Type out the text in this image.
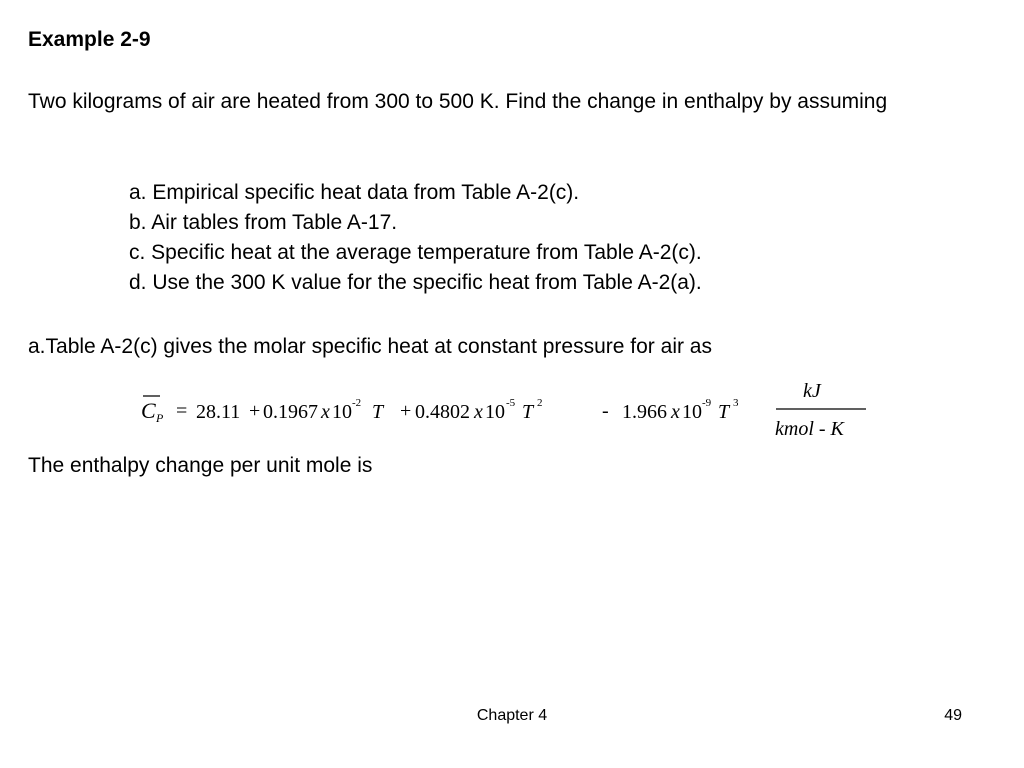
Example 2-9
Two kilograms of air are heated from 300 to 500 K. Find the change in enthalpy by assuming
a. Empirical specific heat data from Table A-2(c).
b. Air tables from Table A-17.
c. Specific heat at the average temperature from Table A-2(c).
d. Use the 300 K value for the specific heat from Table A-2(a).
a.Table A-2(c) gives the molar specific heat at constant pressure for air as
C P = 28.11 + 0.1967 x 10 -2 T + 0.4802 x 10 -5 T 2	- 1.966 x 10 -9 T 3
kJ
kmol - K
The enthalpy change per unit mole is
Chapter 4	49
